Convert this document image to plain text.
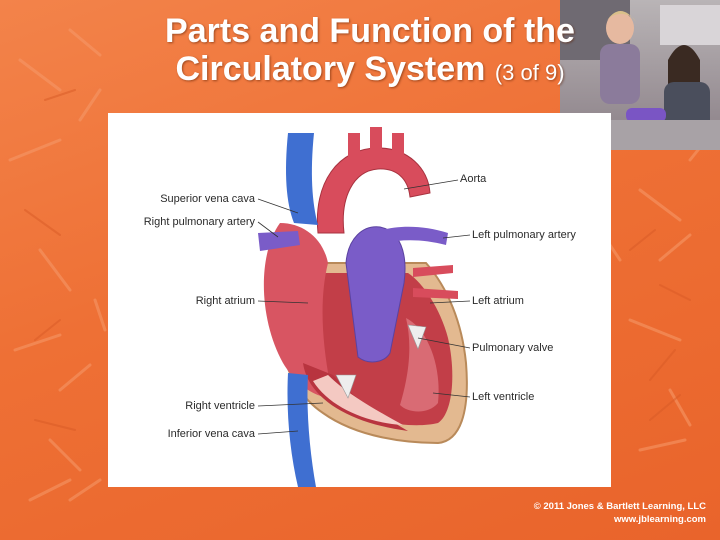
Parts and Function of the
Circulatory System (3 of 9)
Superior vena cava
Right pulmonary artery
Right atrium
Right ventricle
Inferior vena cava
Aorta
Left pulmonary artery
Left atrium
Pulmonary valve
Left ventricle
© 2011 Jones & Bartlett Learning, LLC
www.jblearning.com
